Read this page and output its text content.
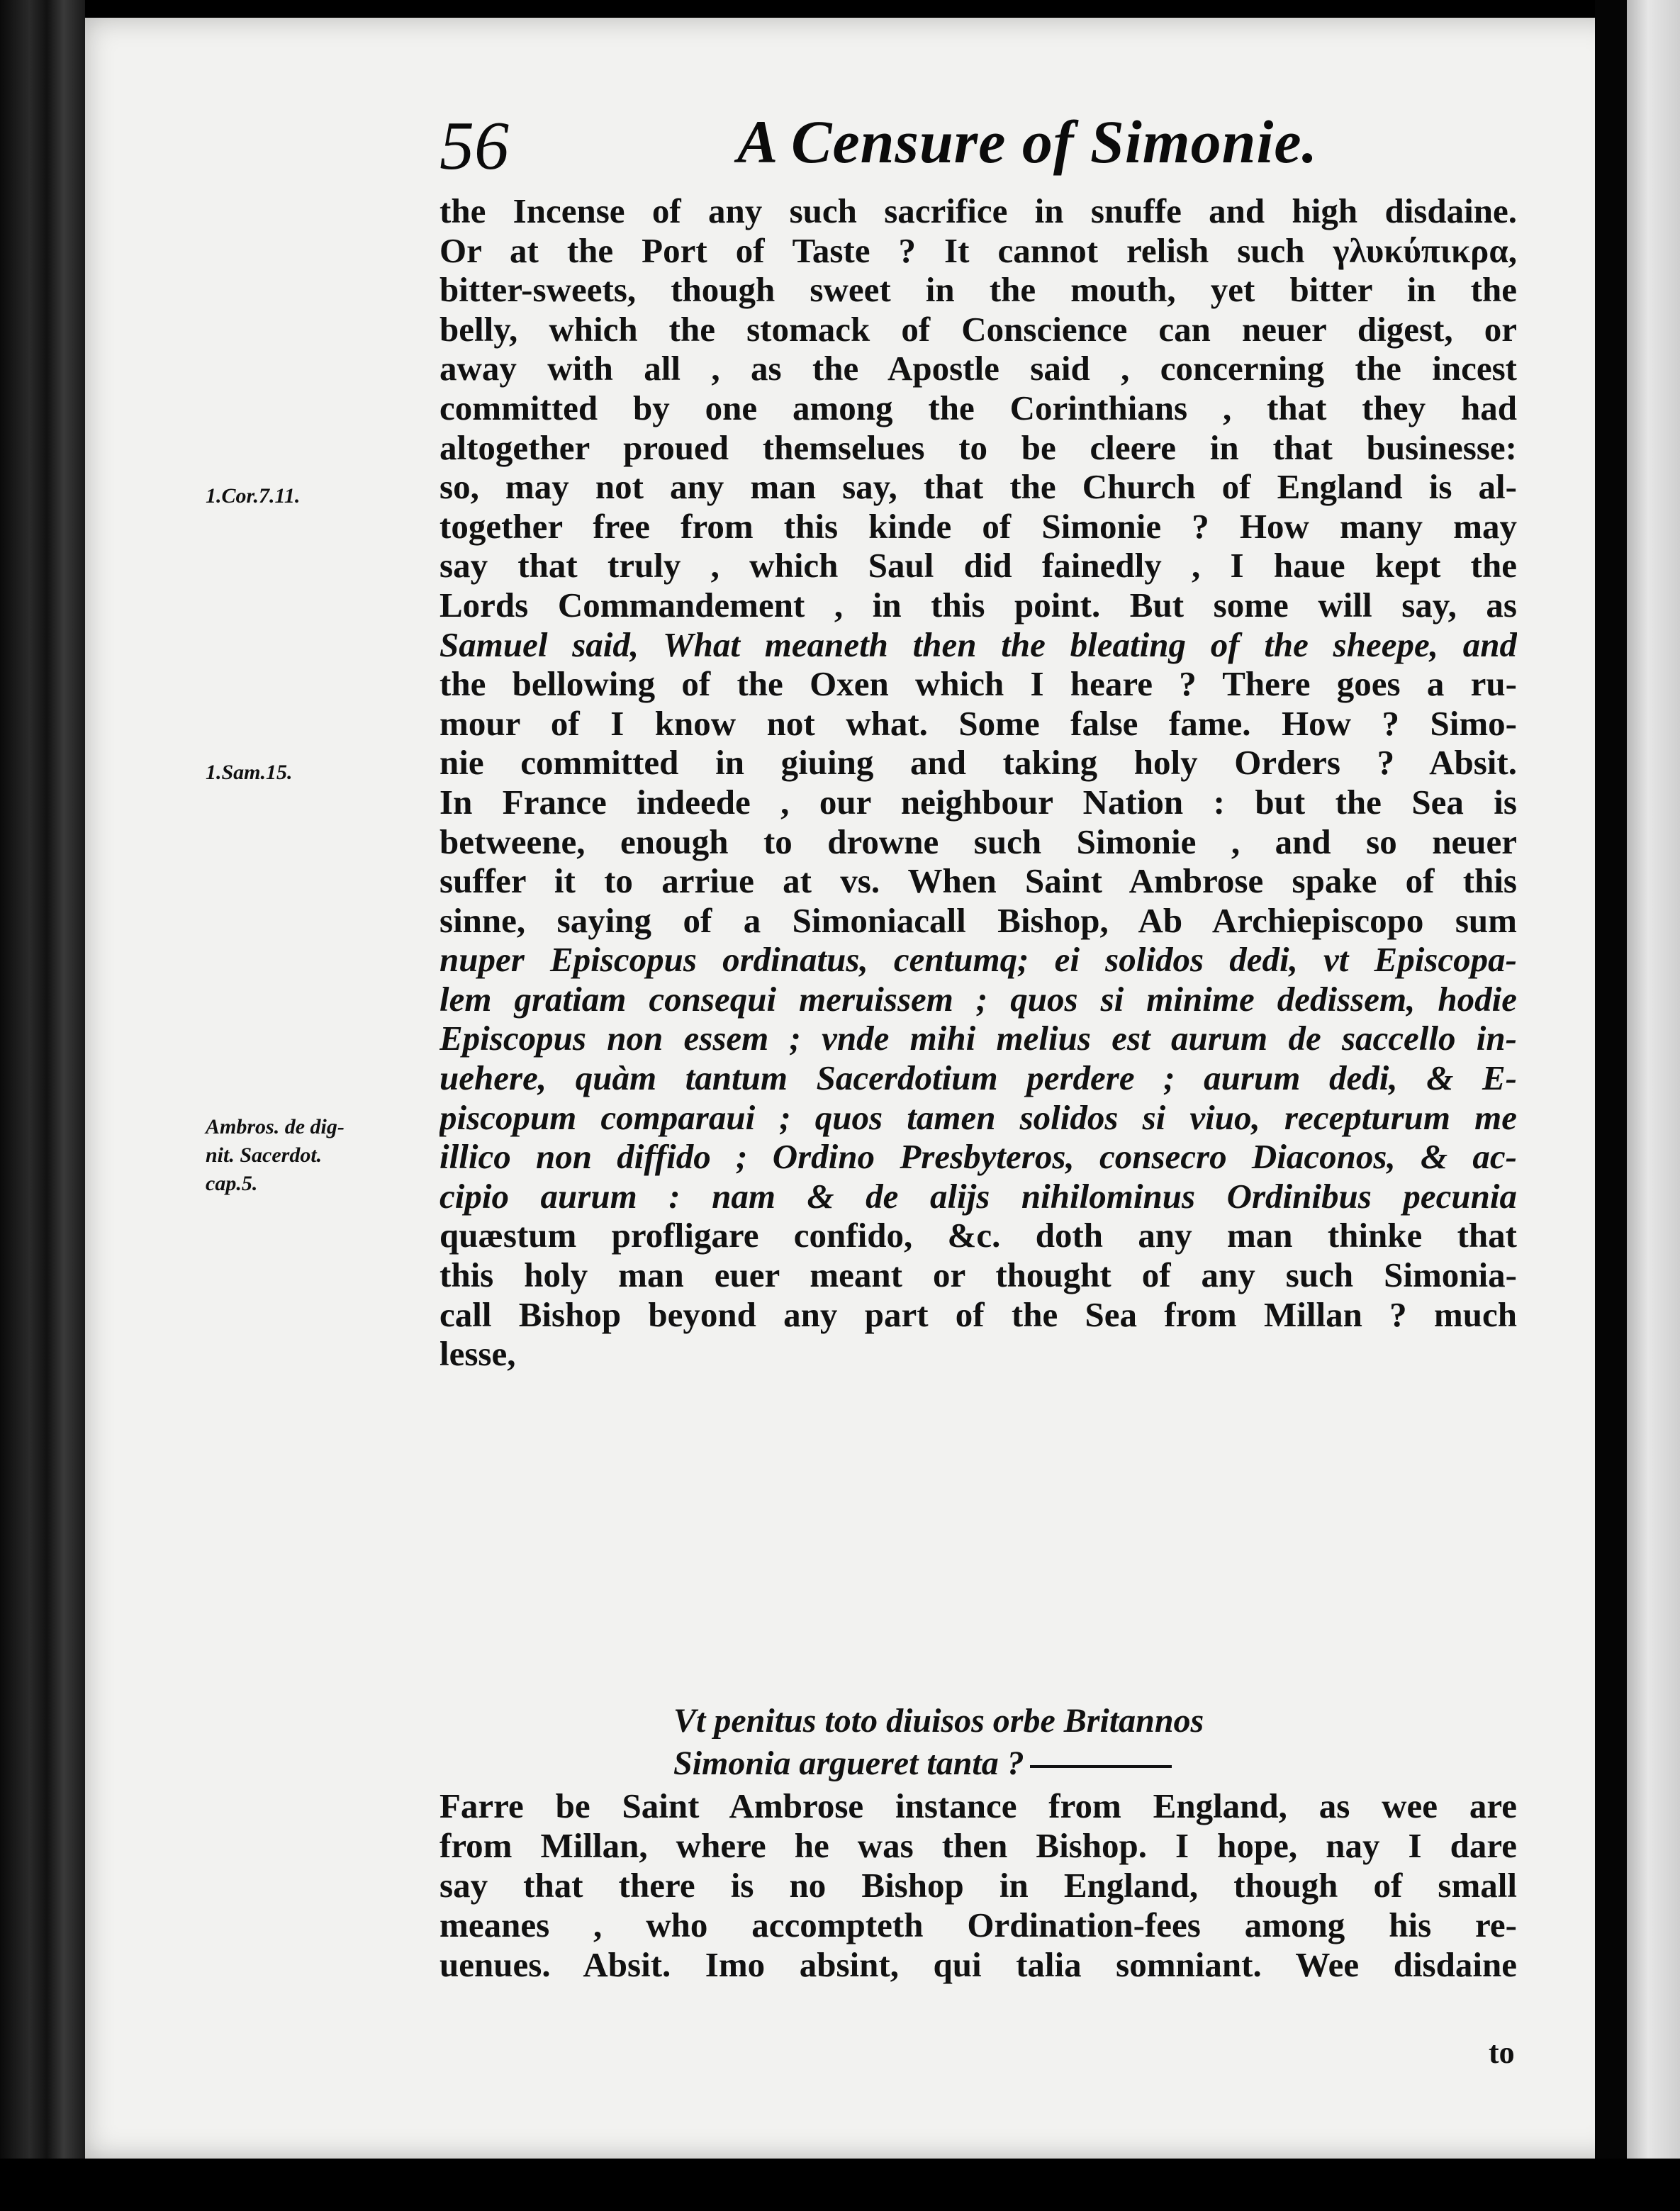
56	A Censure of Simonie.
1.Cor.7.11.
1.Sam.15.
Ambros. de dig-
nit. Sacerdot.
cap.5.
the Incense of any such sacrifice in snuffe and high disdaine.
Or at the Port of Taste ? It cannot relish such γλυκύπικρα,
bitter-sweets, though sweet in the mouth, yet bitter in the
belly, which the stomack of Conscience can neuer digest, or
away with all , as the Apostle said , concerning the incest
committed by one among the Corinthians , that they had
altogether proued themselues to be cleere in that businesse:
so, may not any man say, that the Church of England is al-
together free from this kinde of Simonie ? How many may
say that truly , which Saul did fainedly , I haue kept the
Lords Commandement , in this point. But some will say, as
Samuel said, What meaneth then the bleating of the sheepe, and
the bellowing of the Oxen which I heare ? There goes a ru-
mour of I know not what. Some false fame. How ? Simo-
nie committed in giuing and taking holy Orders ? Absit.
In France indeede , our neighbour Nation : but the Sea is
betweene, enough to drowne such Simonie , and so neuer
suffer it to arriue at vs. When Saint Ambrose spake of this
sinne, saying of a Simoniacall Bishop, Ab Archiepiscopo sum
nuper Episcopus ordinatus, centumq; ei solidos dedi, vt Episcopa-
lem gratiam consequi meruissem ; quos si minime dedissem, hodie
Episcopus non essem ; vnde mihi melius est aurum de saccello in-
uehere, quàm tantum Sacerdotium perdere ; aurum dedi, & E-
piscopum comparaui ; quos tamen solidos si viuo, recepturum me
illico non diffido ; Ordino Presbyteros, consecro Diaconos, & ac-
cipio aurum : nam & de alijs nihilominus Ordinibus pecunia
quæstum profligare confido, &c. doth any man thinke that
this holy man euer meant or thought of any such Simonia-
call Bishop beyond any part of the Sea from Millan ? much
lesse,
Vt penitus toto diuisos orbe Britannos
Simonia argueret tanta ?
Farre be Saint Ambrose instance from England, as wee are
from Millan, where he was then Bishop. I hope, nay I dare
say that there is no Bishop in England, though of small
meanes , who accompteth Ordination-fees among his re-
uenues. Absit. Imo absint, qui talia somniant. Wee disdaine
to
